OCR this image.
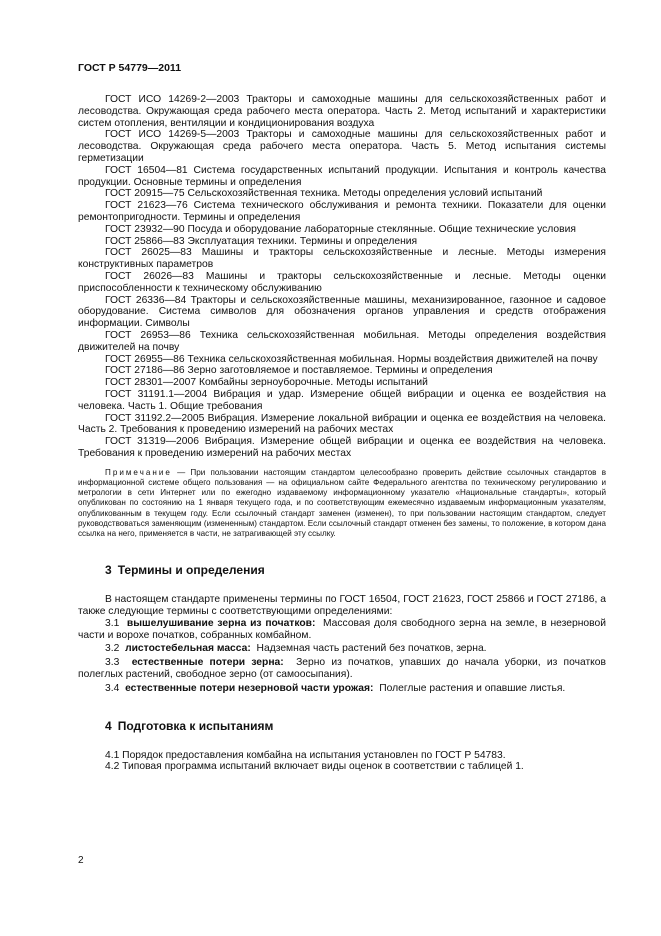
ГОСТ Р 54779—2011

ГОСТ ИСО 14269-2—2003 Тракторы и самоходные машины для сельскохозяйственных работ и лесоводства. Окружающая среда рабочего места оператора. Часть 2. Метод испытаний и характеристики систем отопления, вентиляции и кондиционирования воздуха

ГОСТ ИСО 14269-5—2003 Тракторы и самоходные машины для сельскохозяйственных работ и лесоводства. Окружающая среда рабочего места оператора. Часть 5. Метод испытания системы герметизации

ГОСТ 16504—81 Система государственных испытаний продукции. Испытания и контроль качества продукции. Основные термины и определения

ГОСТ 20915—75 Сельскохозяйственная техника. Методы определения условий испытаний

ГОСТ 21623—76 Система технического обслуживания и ремонта техники. Показатели для оценки ремонтопригодности. Термины и определения

ГОСТ 23932—90 Посуда и оборудование лабораторные стеклянные. Общие технические условия

ГОСТ 25866—83 Эксплуатация техники. Термины и определения

ГОСТ 26025—83 Машины и тракторы сельскохозяйственные и лесные. Методы измерения конструктивных параметров

ГОСТ 26026—83 Машины и тракторы сельскохозяйственные и лесные. Методы оценки приспособленности к техническому обслуживанию

ГОСТ 26336—84 Тракторы и сельскохозяйственные машины, механизированное, газонное и садовое оборудование. Система символов для обозначения органов управления и средств отображения информации. Символы

ГОСТ 26953—86 Техника сельскохозяйственная мобильная. Методы определения воздействия движителей на почву

ГОСТ 26955—86 Техника сельскохозяйственная мобильная. Нормы воздействия движителей на почву

ГОСТ 27186—86 Зерно заготовляемое и поставляемое. Термины и определения

ГОСТ 28301—2007 Комбайны зерноуборочные. Методы испытаний

ГОСТ 31191.1—2004 Вибрация и удар. Измерение общей вибрации и оценка ее воздействия на человека. Часть 1. Общие требования

ГОСТ 31192.2—2005 Вибрация. Измерение локальной вибрации и оценка ее воздействия на человека. Часть 2. Требования к проведению измерений на рабочих местах

ГОСТ 31319—2006 Вибрация. Измерение общей вибрации и оценка ее воздействия на человека. Требования к проведению измерений на рабочих местах

Примечание — При пользовании настоящим стандартом целесообразно проверить действие ссылочных стандартов в информационной системе общего пользования — на официальном сайте Федерального агентства по техническому регулированию и метрологии в сети Интернет или по ежегодно издаваемому информационному указателю «Национальные стандарты», который опубликован по состоянию на 1 января текущего года, и по соответствующим ежемесячно издаваемым информационным указателям, опубликованным в текущем году. Если ссылочный стандарт заменен (изменен), то при пользовании настоящим стандартом, следует руководствоваться заменяющим (измененным) стандартом. Если ссылочный стандарт отменен без замены, то положение, в котором дана ссылка на него, применяется в части, не затрагивающей эту ссылку.
3 Термины и определения

В настоящем стандарте применены термины по ГОСТ 16504, ГОСТ 21623, ГОСТ 25866 и ГОСТ 27186, а также следующие термины с соответствующими определениями:

3.1 вышелушивание зерна из початков: Массовая доля свободного зерна на земле, в незерновой части и ворохе початков, собранных комбайном.

3.2 листостебельная масса: Надземная часть растений без початков, зерна.

3.3 естественные потери зерна: Зерно из початков, упавших до начала уборки, из початков полеглых растений, свободное зерно (от самоосыпания).

3.4 естественные потери незерновой части урожая: Полеглые растения и опавшие листья.

4 Подготовка к испытаниям

4.1 Порядок предоставления комбайна на испытания установлен по ГОСТ Р 54783.

4.2 Типовая программа испытаний включает виды оценок в соответствии с таблицей 1.

2
